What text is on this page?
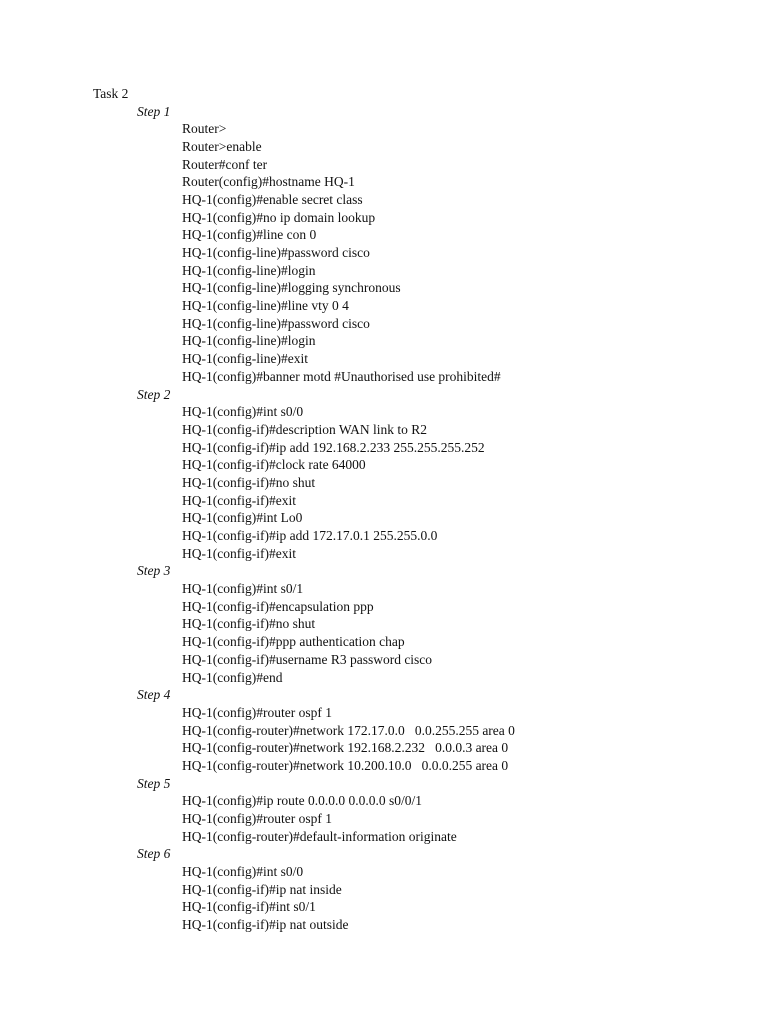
Task 2
Step 1
Router>
Router>enable
Router#conf ter
Router(config)#hostname HQ-1
HQ-1(config)#enable secret class
HQ-1(config)#no ip domain lookup
HQ-1(config)#line con 0
HQ-1(config-line)#password cisco
HQ-1(config-line)#login
HQ-1(config-line)#logging synchronous
HQ-1(config-line)#line vty 0 4
HQ-1(config-line)#password cisco
HQ-1(config-line)#login
HQ-1(config-line)#exit
HQ-1(config)#banner motd #Unauthorised use prohibited#
Step 2
HQ-1(config)#int s0/0
HQ-1(config-if)#description WAN link to R2
HQ-1(config-if)#ip add 192.168.2.233 255.255.255.252
HQ-1(config-if)#clock rate 64000
HQ-1(config-if)#no shut
HQ-1(config-if)#exit
HQ-1(config)#int Lo0
HQ-1(config-if)#ip add 172.17.0.1 255.255.0.0
HQ-1(config-if)#exit
Step 3
HQ-1(config)#int s0/1
HQ-1(config-if)#encapsulation ppp
HQ-1(config-if)#no shut
HQ-1(config-if)#ppp authentication chap
HQ-1(config-if)#username R3 password cisco
HQ-1(config)#end
Step 4
HQ-1(config)#router ospf 1
HQ-1(config-router)#network 172.17.0.0   0.0.255.255 area 0
HQ-1(config-router)#network 192.168.2.232   0.0.0.3 area 0
HQ-1(config-router)#network 10.200.10.0   0.0.0.255 area 0
Step 5
HQ-1(config)#ip route 0.0.0.0 0.0.0.0 s0/0/1
HQ-1(config)#router ospf 1
HQ-1(config-router)#default-information originate
Step 6
HQ-1(config)#int s0/0
HQ-1(config-if)#ip nat inside
HQ-1(config-if)#int s0/1
HQ-1(config-if)#ip nat outside
